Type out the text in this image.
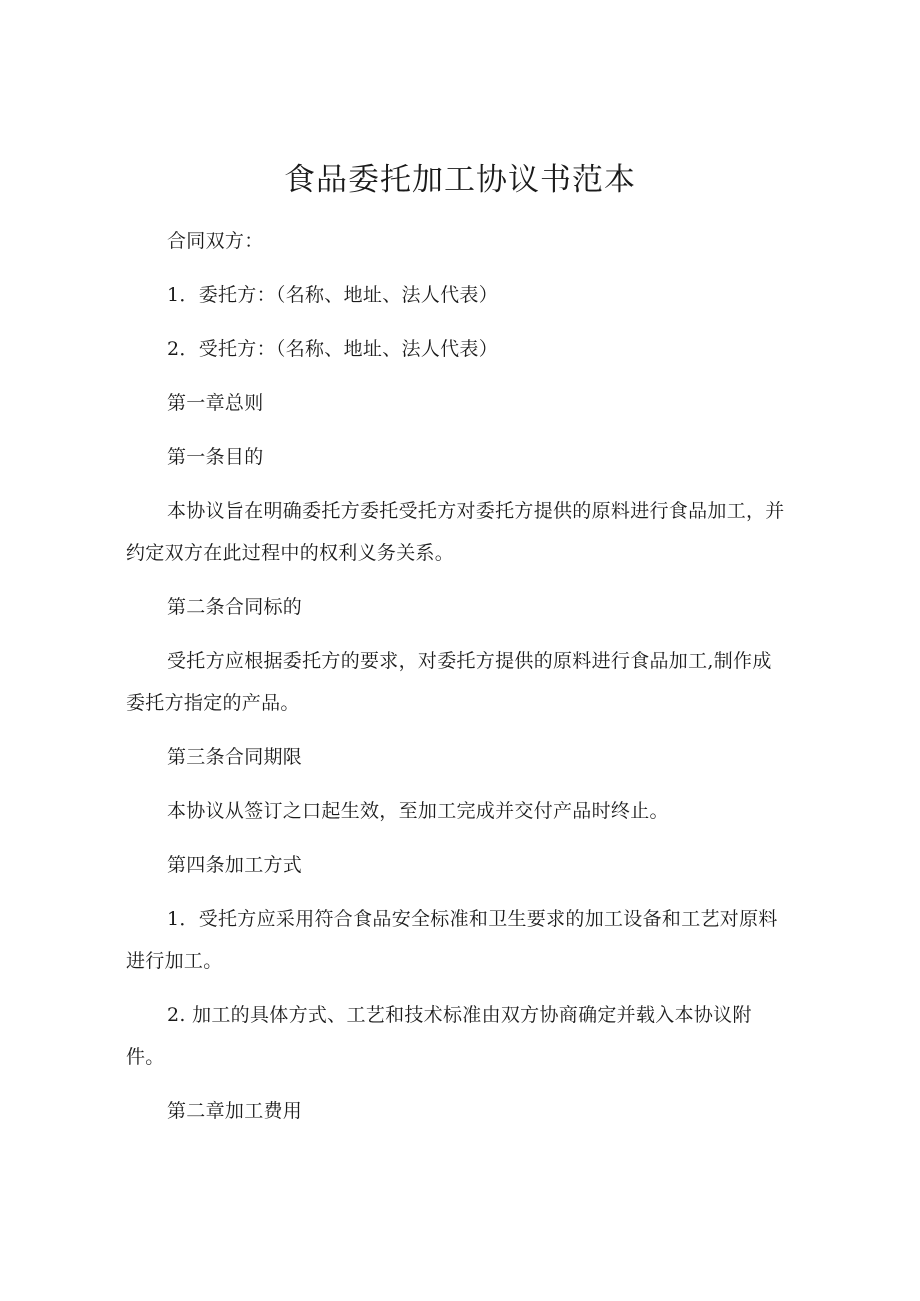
食品委托加工协议书范本

合同双方：

1．委托方：（名称、地址、法人代表）

2．受托方：（名称、地址、法人代表）

第一章总则

第一条目的

本协议旨在明确委托方委托受托方对委托方提供的原料进行食品加工，并约定双方在此过程中的权利义务关系。

第二条合同标的

受托方应根据委托方的要求，对委托方提供的原料进行食品加工,制作成委托方指定的产品。

第三条合同期限

本协议从签订之口起生效，至加工完成并交付产品时终止。

第四条加工方式

1．受托方应采用符合食品安全标准和卫生要求的加工设备和工艺对原料进行加工。

2. 加工的具体方式、工艺和技术标准由双方协商确定并载入本协议附件。

第二章加工费用
